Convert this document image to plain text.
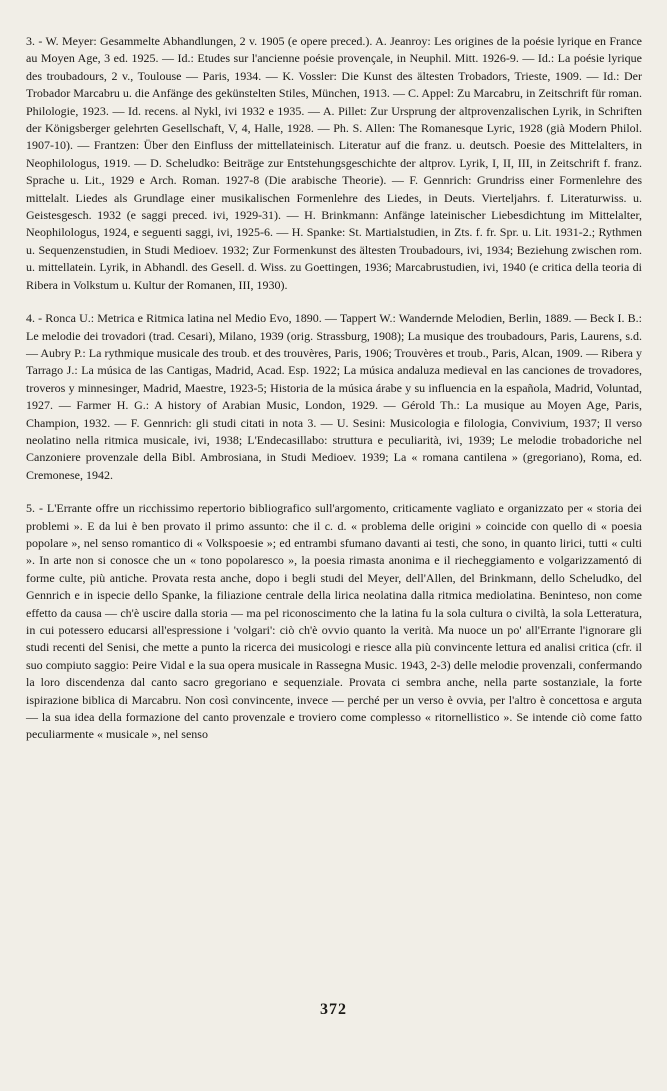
3. - W. Meyer: Gesammelte Abhandlungen, 2 v. 1905 (e opere preced.). A. Jeanroy: Les origines de la poésie lyrique en France au Moyen Age, 3 ed. 1925. — Id.: Etudes sur l'ancienne poésie provençale, in Neuphil. Mitt. 1926-9. — Id.: La poésie lyrique des troubadours, 2 v., Toulouse — Paris, 1934. — K. Vossler: Die Kunst des ältesten Trobadors, Trieste, 1909. — Id.: Der Trobador Marcabru u. die Anfänge des gekünstelten Stiles, München, 1913. — C. Appel: Zu Marcabru, in Zeitschrift für roman. Philologie, 1923. — Id. recens. al Nykl, ivi 1932 e 1935. — A. Pillet: Zur Ursprung der altprovenzalischen Lyrik, in Schriften der Königsberger gelehrten Gesellschaft, V, 4, Halle, 1928. — Ph. S. Allen: The Romanesque Lyric, 1928 (già Modern Philol. 1907-10). — Frantzen: Über den Einfluss der mittellateinisch. Literatur auf die franz. u. deutsch. Poesie des Mittelalters, in Neophilologus, 1919. — D. Scheludko: Beiträge zur Entstehungsgeschichte der altprov. Lyrik, I, II, III, in Zeitschrift f. franz. Sprache u. Lit., 1929 e Arch. Roman. 1927-8 (Die arabische Theorie). — F. Gennrich: Grundriss einer Formenlehre des mittelalt. Liedes als Grundlage einer musikalischen Formenlehre des Liedes, in Deuts. Vierteljahrs. f. Literaturwiss. u. Geistesgesch. 1932 (e saggi preced. ivi, 1929-31). — H. Brinkmann: Anfänge lateinischer Liebesdichtung im Mittelalter, Neophilologus, 1924, e seguenti saggi, ivi, 1925-6. — H. Spanke: St. Martialstudien, in Zts. f. fr. Spr. u. Lit. 1931-2.; Rythmen u. Sequenzenstudien, in Studi Medioev. 1932; Zur Formenkunst des ältesten Troubadours, ivi, 1934; Beziehung zwischen rom. u. mittellatein. Lyrik, in Abhandl. des Gesell. d. Wiss. zu Goettingen, 1936; Marcabrustudien, ivi, 1940 (e critica della teoria di Ribera in Volkstum u. Kultur der Romanen, III, 1930).

4. - Ronca U.: Metrica e Ritmica latina nel Medio Evo, 1890. — Tappert W.: Wandernde Melodien, Berlin, 1889. — Beck I. B.: Le melodie dei trovadori (trad. Cesari), Milano, 1939 (orig. Strassburg, 1908); La musique des troubadours, Paris, Laurens, s.d. — Aubry P.: La rythmique musicale des troub. et des trouvères, Paris, 1906; Trouvères et troub., Paris, Alcan, 1909. — Ribera y Tarrago J.: La música de las Cantigas, Madrid, Acad. Esp. 1922; La música andaluza medieval en las canciones de trovadores, troveros y minnesinger, Madrid, Maestre, 1923-5; Historia de la música árabe y su influencia en la española, Madrid, Voluntad, 1927. — Farmer H. G.: A history of Arabian Music, London, 1929. — Gérold Th.: La musique au Moyen Age, Paris, Champion, 1932. — F. Gennrich: gli studi citati in nota 3. — U. Sesini: Musicologia e filologia, Convivium, 1937; Il verso neolatino nella ritmica musicale, ivi, 1938; L'Endecasillabo: struttura e peculiarità, ivi, 1939; Le melodie trobadoriche nel Canzoniere provenzale della Bibl. Ambrosiana, in Studi Medioev. 1939; La « romana cantilena » (gregoriano), Roma, ed. Cremonese, 1942.

5. - L'Errante offre un ricchissimo repertorio bibliografico sull'argomento, criticamente vagliato e organizzato per « storia dei problemi ». E da lui è ben provato il primo assunto: che il c. d. « problema delle origini » coincide con quello di « poesia popolare », nel senso romantico di « Volkspoesie »; ed entrambi sfumano davanti ai testi, che sono, in quanto lirici, tutti « culti ». In arte non si conosce che un « tono popolaresco », la poesia rimasta anonima e il riecheggiamento e volgarizzamentó di forme culte, più antiche. Provata resta anche, dopo i begli studi del Meyer, dell'Allen, del Brinkmann, dello Scheludko, del Gennrich e in ispecie dello Spanke, la filiazione centrale della lirica neolatina dalla ritmica mediolatina. Beninteso, non come effetto da causa — ch'è uscire dalla storia — ma pel riconoscimento che la latina fu la sola cultura o civiltà, la sola Letteratura, in cui potessero educarsi all'espressione i 'volgari': ciò ch'è ovvio quanto la verità. Ma nuoce un po' all'Errante l'ignorare gli studi recenti del Senisi, che mette a punto la ricerca dei musicologi e riesce alla più convincente lettura ed analisi critica (cfr. il suo compiuto saggio: Peire Vidal e la sua opera musicale in Rassegna Music. 1943, 2-3) delle melodie provenzali, confermando la loro discendenza dal canto sacro gregoriano e sequenziale. Provata ci sembra anche, nella parte sostanziale, la forte ispirazione biblica di Marcabru. Non così convincente, invece — perché per un verso è ovvia, per l'altro è concettosa e arguta — la sua idea della formazione del canto provenzale e troviero come complesso « ritornellistico ». Se intende ciò come fatto peculiarmente « musicale », nel senso

372
